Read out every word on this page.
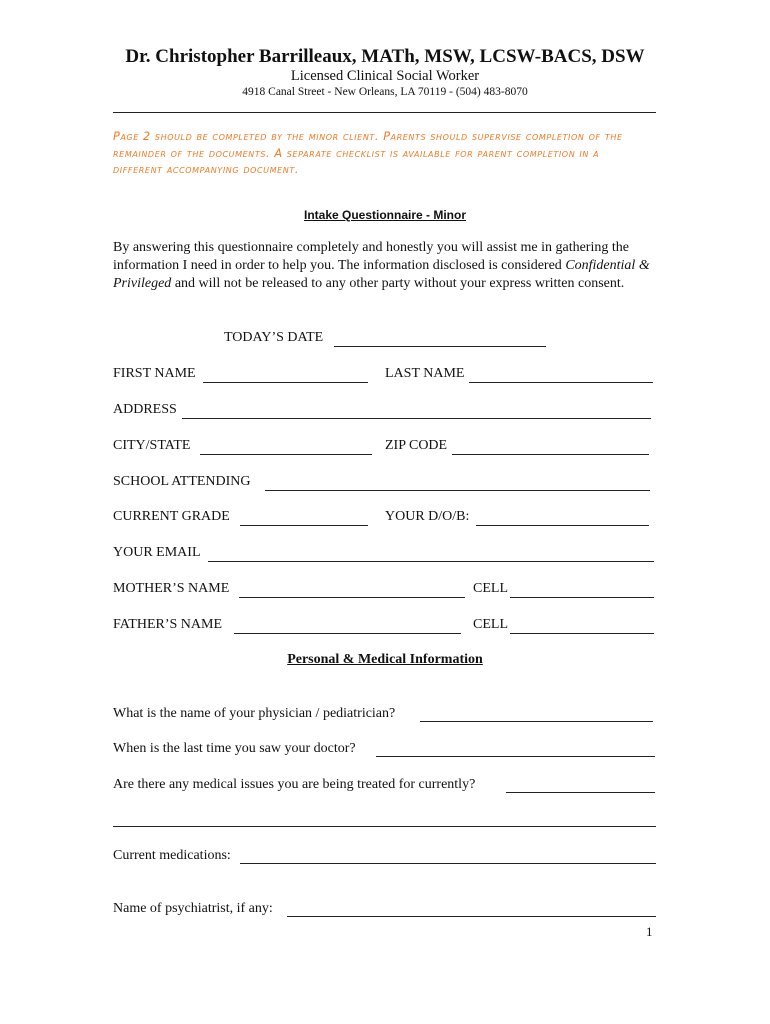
Dr. Christopher Barrilleaux, MATh, MSW, LCSW-BACS, DSW
Licensed Clinical Social Worker
4918 Canal Street - New Orleans, LA 70119 - (504) 483-8070
Page 2 should be completed by the minor client. Parents should supervise completion of the remainder of the documents. A separate checklist is available for parent completion in a different accompanying document.
Intake Questionnaire - Minor
By answering this questionnaire completely and honestly you will assist me in gathering the information I need in order to help you. The information disclosed is considered Confidential & Privileged and will not be released to any other party without your express written consent.
TODAY’S DATE
FIRST NAME	LAST NAME
ADDRESS
CITY/STATE	ZIP CODE
SCHOOL ATTENDING
CURRENT GRADE	YOUR D/O/B:
YOUR EMAIL
MOTHER’S NAME	CELL
FATHER’S NAME	CELL
Personal & Medical Information
What is the name of your physician / pediatrician?
When is the last time you saw your doctor?
Are there any medical issues you are being treated for currently?
Current medications:
Name of psychiatrist, if any:
1
